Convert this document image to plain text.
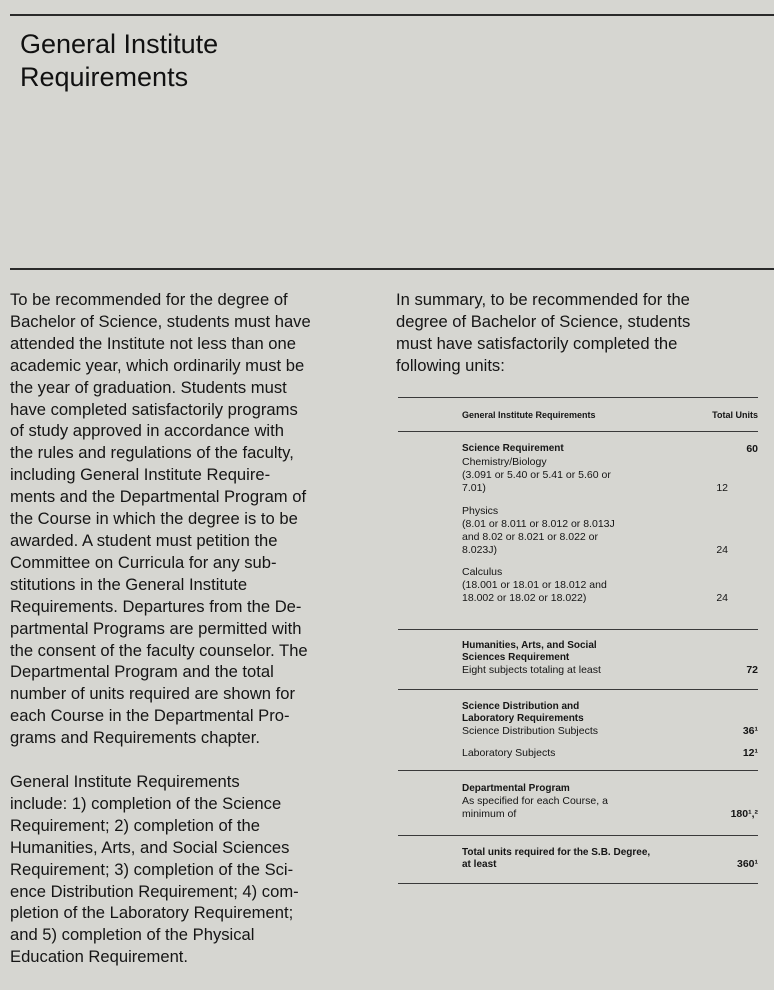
General Institute
Requirements

To be recommended for the degree of
Bachelor of Science, students must have
attended the Institute not less than one
academic year, which ordinarily must be
the year of graduation. Students must
have completed satisfactorily programs
of study approved in accordance with
the rules and regulations of the faculty,
including General Institute Require-
ments and the Departmental Program of
the Course in which the degree is to be
awarded. A student must petition the
Committee on Curricula for any sub-
stitutions in the General Institute
Requirements. Departures from the De-
partmental Programs are permitted with
the consent of the faculty counselor. The
Departmental Program and the total
number of units required are shown for
each Course in the Departmental Pro-
grams and Requirements chapter.

General Institute Requirements
include: 1) completion of the Science
Requirement; 2) completion of the
Humanities, Arts, and Social Sciences
Requirement; 3) completion of the Sci-
ence Distribution Requirement; 4) com-
pletion of the Laboratory Requirement;
and 5) completion of the Physical
Education Requirement.

In summary, to be recommended for the
degree of Bachelor of Science, students
must have satisfactorily completed the
following units:

General Institute Requirements	Total Units
Science Requirement	60
Chemistry/Biology
(3.091 or 5.40 or 5.41 or 5.60 or
7.01)	12
Physics
(8.01 or 8.011 or 8.012 or 8.013J
and 8.02 or 8.021 or 8.022 or
8.023J)	24
Calculus
(18.001 or 18.01 or 18.012 and
18.002 or 18.02 or 18.022)	24
Humanities, Arts, and Social
Sciences Requirement
Eight subjects totaling at least	72
Science Distribution and
Laboratory Requirements
Science Distribution Subjects	36¹
Laboratory Subjects	12¹
Departmental Program
As specified for each Course, a
minimum of	180¹,²
Total units required for the S.B. Degree,
at least	360¹
